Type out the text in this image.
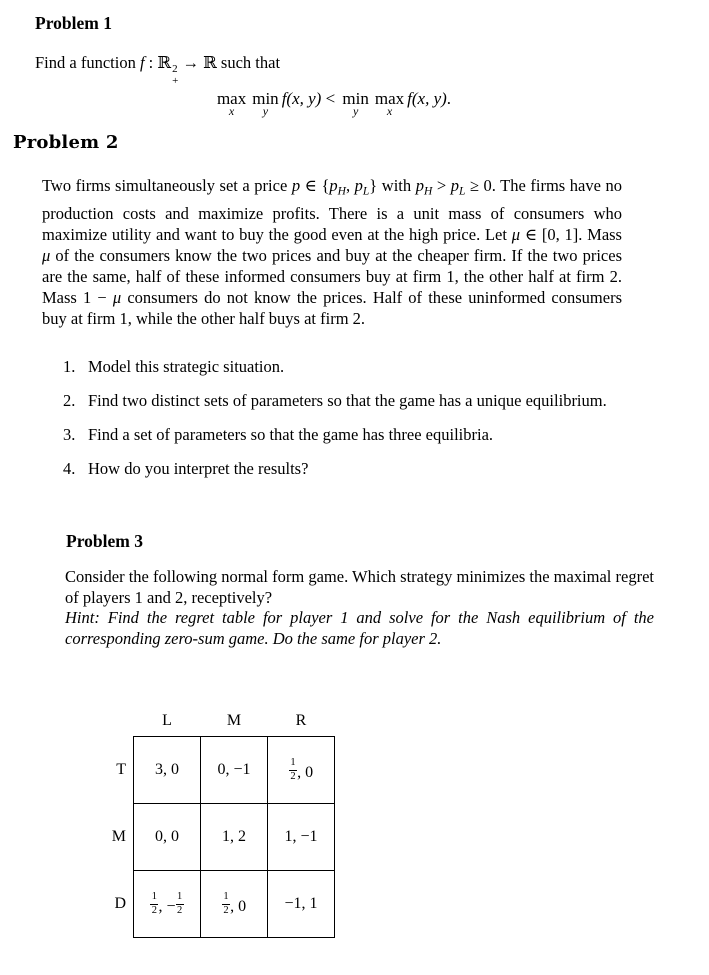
Problem 1
Find a function f : ℝ 2
+
→ ℝ such that
max
x
min
y
f(x, y) < min
y
max
x
f(x, y).
Problem 2
Two firms simultaneously set a price p ∈ {$p_H$, $p_L$} with $p_H > p_L \ge 0$. The firms have no production costs and maximize profits. There is a unit mass of consumers who maximize utility and want to buy the good even at the high price. Let μ ∈ [0, 1]. Mass μ of the consumers know the two prices and buy at the cheaper firm. If the two prices are the same, half of these informed consumers buy at firm 1, the other half at firm 2. Mass 1 − μ consumers do not know the prices. Half of these uninformed consumers buy at firm 1, while the other half buys at firm 2.
1. Model this strategic situation.
2. Find two distinct sets of parameters so that the game has a unique equilibrium.
3. Find a set of parameters so that the game has three equilibria.
4. How do you interpret the results?
Problem 3
Consider the following normal form game. Which strategy minimizes the maximal regret of players 1 and 2, receptively?
Hint: Find the regret table for player 1 and solve for the Nash equilibrium of the corresponding zero-sum game. Do the same for player 2.
	L	M	R
T	3, 0	0, −1	$\frac{1}{2}$ , 0
M	0, 0	1, 2	1, −1
D	$\frac{1}{2}$ , − $\frac{1}{2}$	$\frac{1}{2}$ , 0	−1, 1
